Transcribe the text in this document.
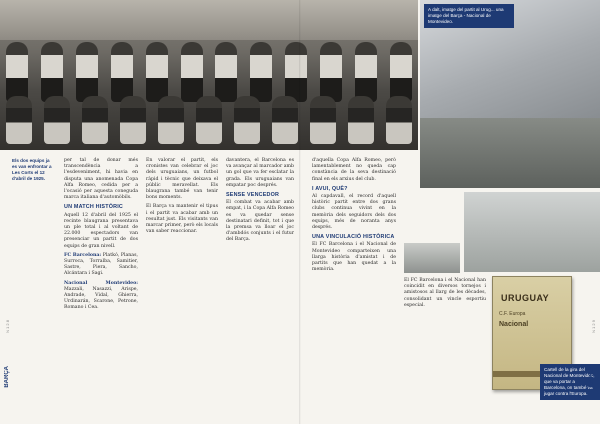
A dalt, imatge del partit al Urug... una imatge del Barça - Nacional de Montevideo.
Els dos equips ja es van enfrontar a Les Corts el 12 d'abril de 1925.

per tal de donar més transcendència a l'esdeveniment, hi havia en disputa una anomenada Copa Alfa Romeo, cedida per a l'ocasió per aquesta coneguda marca italiana d'automòbils.

UN MATCH HISTÒRIC

Aquell 12 d'abril del 1925 el recinte blaugrana presentava un ple total i al voltant de 22.000 espectadors van presenciar un partit de dos equips de gran nivell.

FC Barcelona: Platkó, Planas, Surroca, Torralba, Samitier, Sastre, Piera, Sancho, Alcántara i Sagi.

Nacional Montevideo: Mazzali, Nasazzi, Arispe, Andrade, Vidal, Ghierra, Urdinarán, Scarone, Petrone, Romano i Cea.

En valorar el partit, els cronistes van celebrar el joc dels uruguaians, un futbol ràpid i tècnic que deixava el públic meravellat. Els blaugrana també van tenir bons moments.

El Barça va mantenir el tipus i el partit va acabar amb un resultat just. Els visitants van marcar primer, però els locals van saber reaccionar.

davantera, el Barcelona es va avançar al marcador amb un gol que va fer esclatar la grada. Els uruguaians van empatar poc després.

SENSE VENCEDOR

El combat va acabar amb empat, i la Copa Alfa Romeo es va quedar sense destinatari definit, tot i que la premsa va lloar el joc d'ambdós conjunts i el futur del Barça.

d'aquella Copa Alfa Romeo, però lamentablement no queda cap constància de la seva destinació final en els arxius del club.

I AVUI, QUÈ?

Al capdavall, el record d'aquell històric partit entre dos grans clubs continua vivint en la memòria dels seguidors dels dos equips, més de noranta anys després.

UNA VINCULACIÓ HISTÒRICA

El FC Barcelona i el Nacional de Montevideo comparteixen una llarga història d'amistat i de partits que han quedat a la memòria.

El FC Barcelona i el Nacional han coincidit en diversos tornejos i amistosos al llarg de les dècades, consolidant un vincle esportiu especial.

URUGUAY
C.F. Europa
Nacional
Cartell de la gira del Nacional de Montevideo, que va portar a Barcelona, on també va jugar contra l'Europa.
BARÇA	BARÇA
N 1 2 8	N 1 2 9
